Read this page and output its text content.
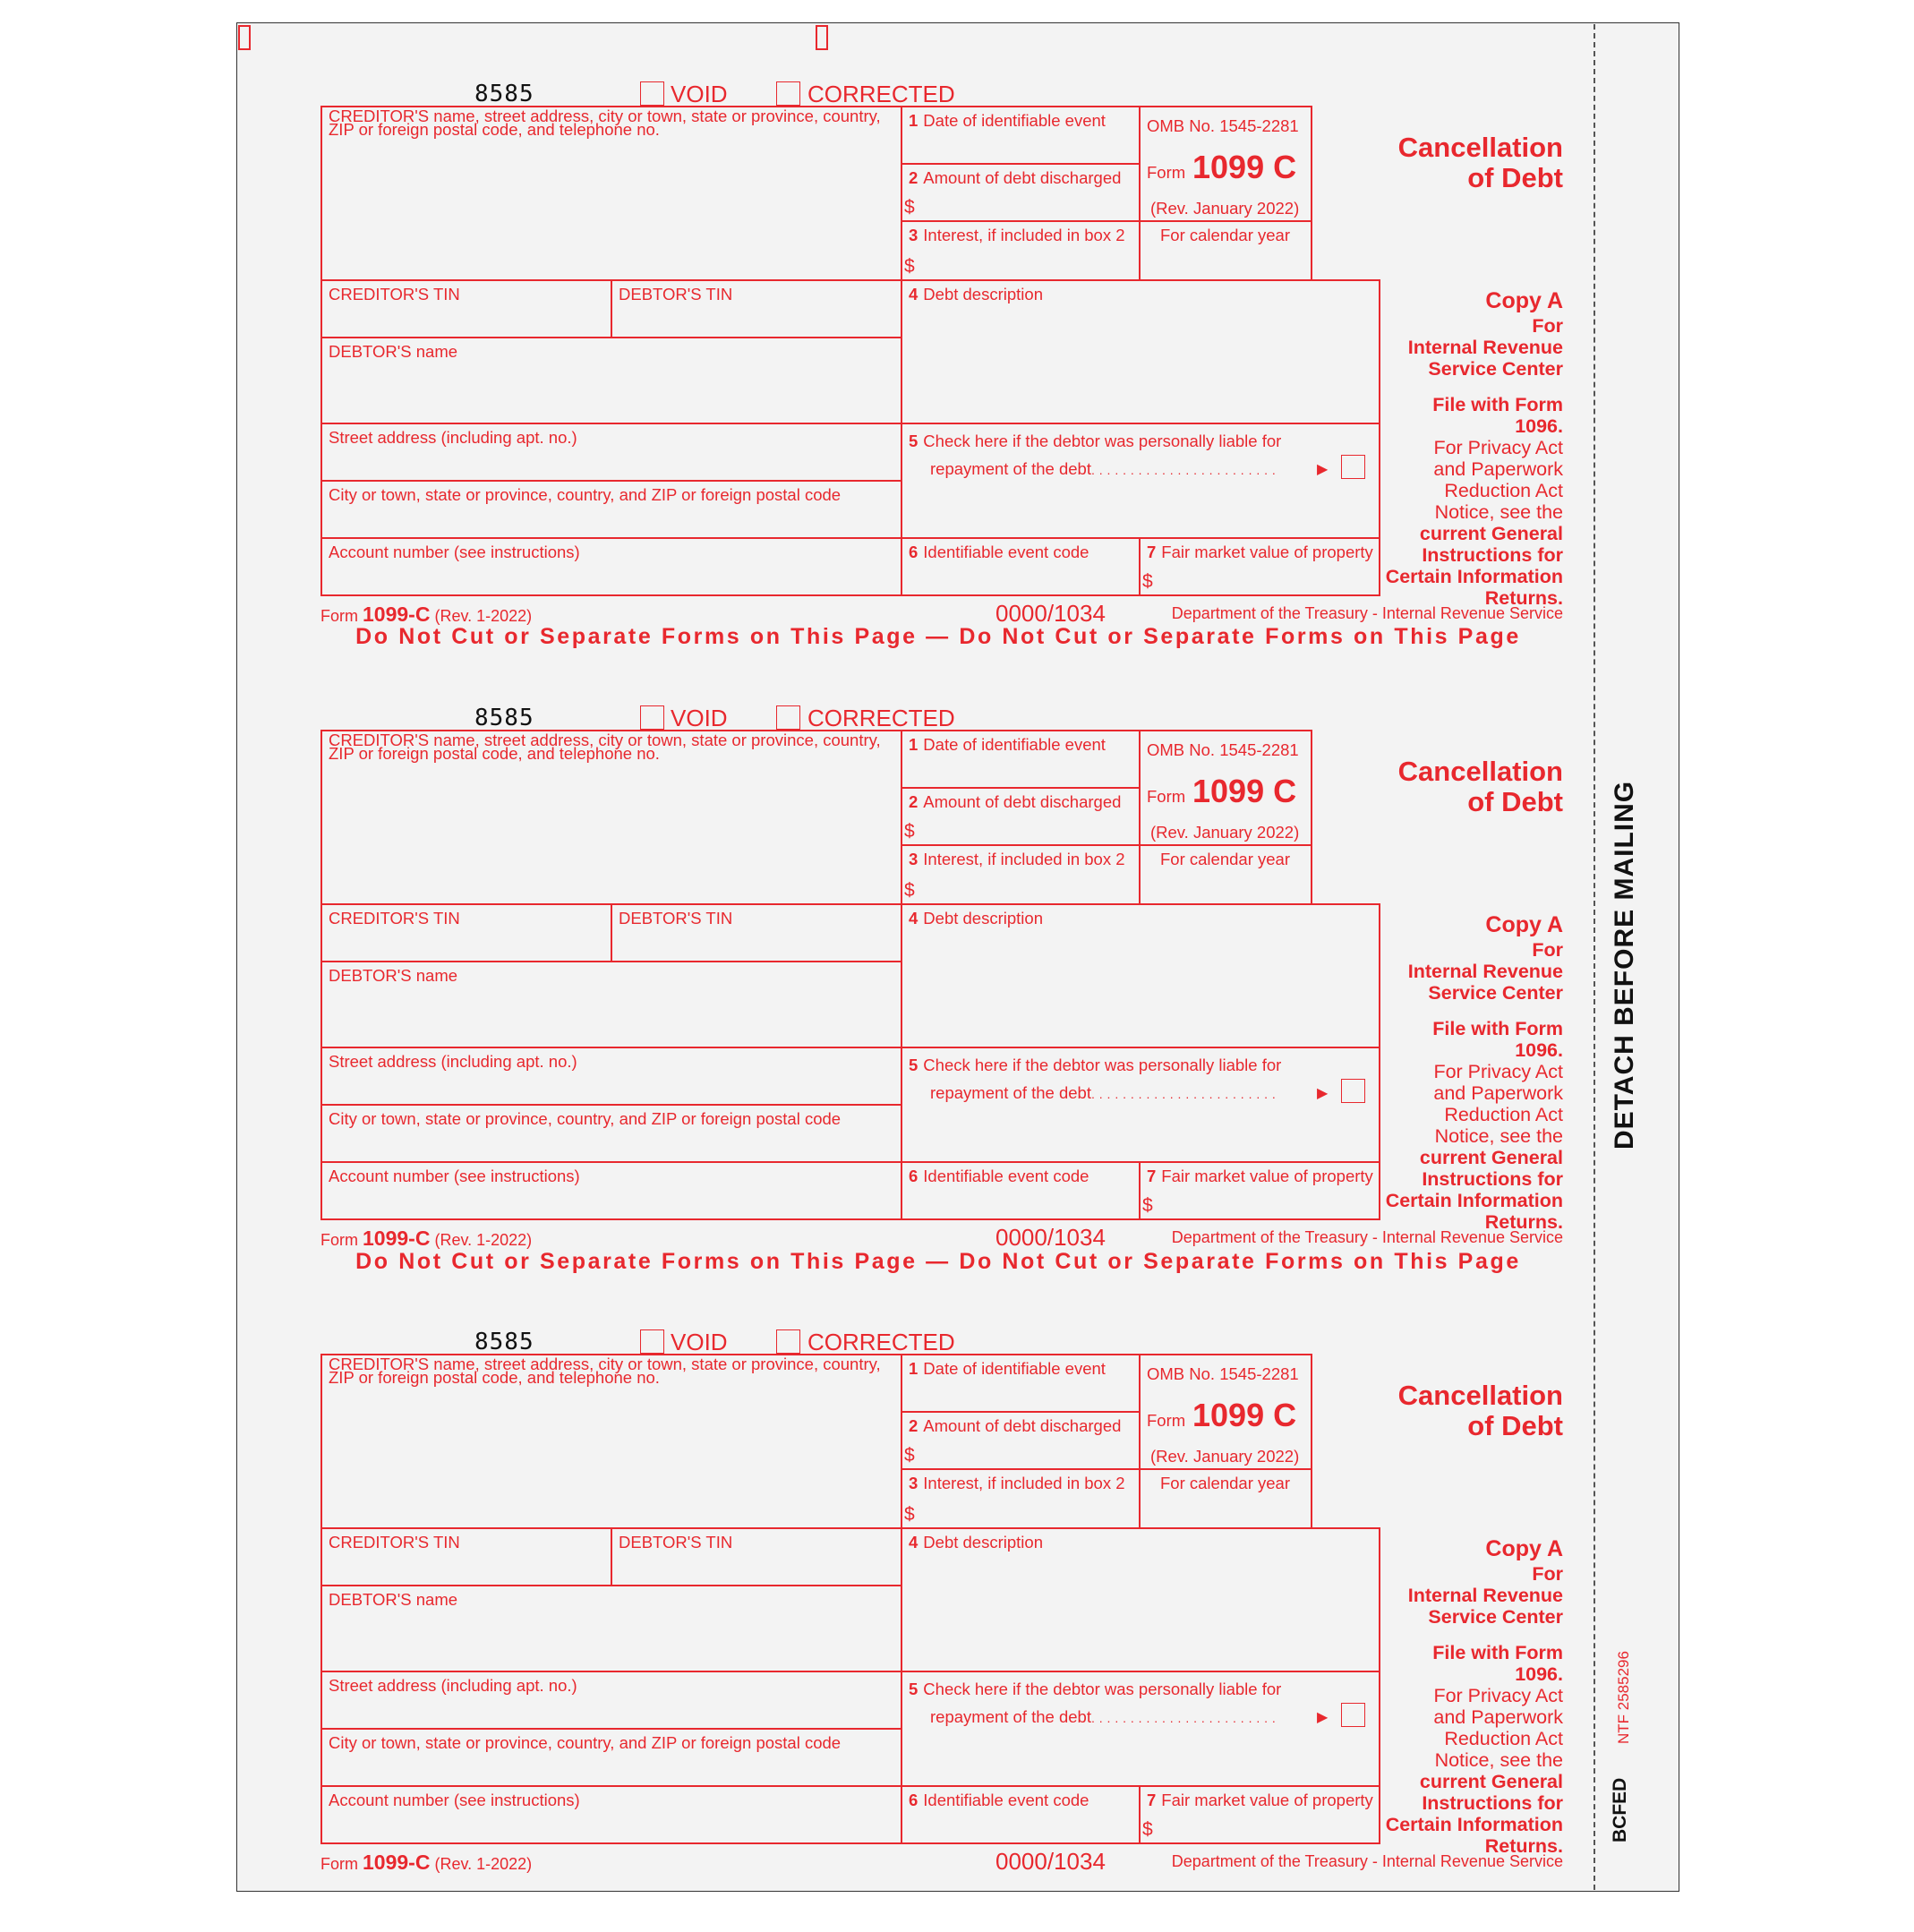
8585	VOID	CORRECTED
CREDITOR'S name, street address, city or town, state or province, country,
ZIP or foreign postal code, and telephone no.	1 Date of identifiable event
2 Amount of debt discharged
$
3 Interest, if included in box 2
$
OMB No. 1545-2281
Form 1099 C
(Rev. January 2022)
For calendar year
Cancellation
of Debt
CREDITOR'S TIN	DEBTOR'S TIN	4 Debt description
DEBTOR'S name
Street address (including apt. no.)
City or town, state or province, country, and ZIP or foreign postal code
Account number (see instructions)
5 Check here if the debtor was personally liable for
repayment of the debt. . . . . . . . . . . . . . . . . . . . . . . .	▶
6 Identifiable event code	7 Fair market value of property
$
Copy A
For
Internal Revenue
Service Center
File with Form 1096.
For Privacy Act
and Paperwork
Reduction Act
Notice, see the
current General
Instructions for
Certain Information
Returns.
Form 1099-C (Rev. 1-2022)	0000/1034	Department of the Treasury - Internal Revenue Service
8585	VOID	CORRECTED
CREDITOR'S name, street address, city or town, state or province, country,
ZIP or foreign postal code, and telephone no.	1 Date of identifiable event
2 Amount of debt discharged
$
3 Interest, if included in box 2
$
OMB No. 1545-2281
Form 1099 C
(Rev. January 2022)
For calendar year
Cancellation
of Debt
CREDITOR'S TIN	DEBTOR'S TIN	4 Debt description
DEBTOR'S name
Street address (including apt. no.)
City or town, state or province, country, and ZIP or foreign postal code
Account number (see instructions)
5 Check here if the debtor was personally liable for
repayment of the debt. . . . . . . . . . . . . . . . . . . . . . . .	▶
6 Identifiable event code	7 Fair market value of property
$
Copy A
For
Internal Revenue
Service Center
File with Form 1096.
For Privacy Act
and Paperwork
Reduction Act
Notice, see the
current General
Instructions for
Certain Information
Returns.
Form 1099-C (Rev. 1-2022)	0000/1034	Department of the Treasury - Internal Revenue Service
8585	VOID	CORRECTED
CREDITOR'S name, street address, city or town, state or province, country,
ZIP or foreign postal code, and telephone no.	1 Date of identifiable event
2 Amount of debt discharged
$
3 Interest, if included in box 2
$
OMB No. 1545-2281
Form 1099 C
(Rev. January 2022)
For calendar year
Cancellation
of Debt
CREDITOR'S TIN	DEBTOR'S TIN	4 Debt description
DEBTOR'S name
Street address (including apt. no.)
City or town, state or province, country, and ZIP or foreign postal code
Account number (see instructions)
5 Check here if the debtor was personally liable for
repayment of the debt. . . . . . . . . . . . . . . . . . . . . . . .	▶
6 Identifiable event code	7 Fair market value of property
$
Copy A
For
Internal Revenue
Service Center
File with Form 1096.
For Privacy Act
and Paperwork
Reduction Act
Notice, see the
current General
Instructions for
Certain Information
Returns.
Form 1099-C (Rev. 1-2022)	0000/1034	Department of the Treasury - Internal Revenue Service
Do Not Cut or Separate Forms on This Page — Do Not Cut or Separate Forms on This Page
Do Not Cut or Separate Forms on This Page — Do Not Cut or Separate Forms on This Page
DETACH BEFORE MAILING
NTF 2585296
BCFED
